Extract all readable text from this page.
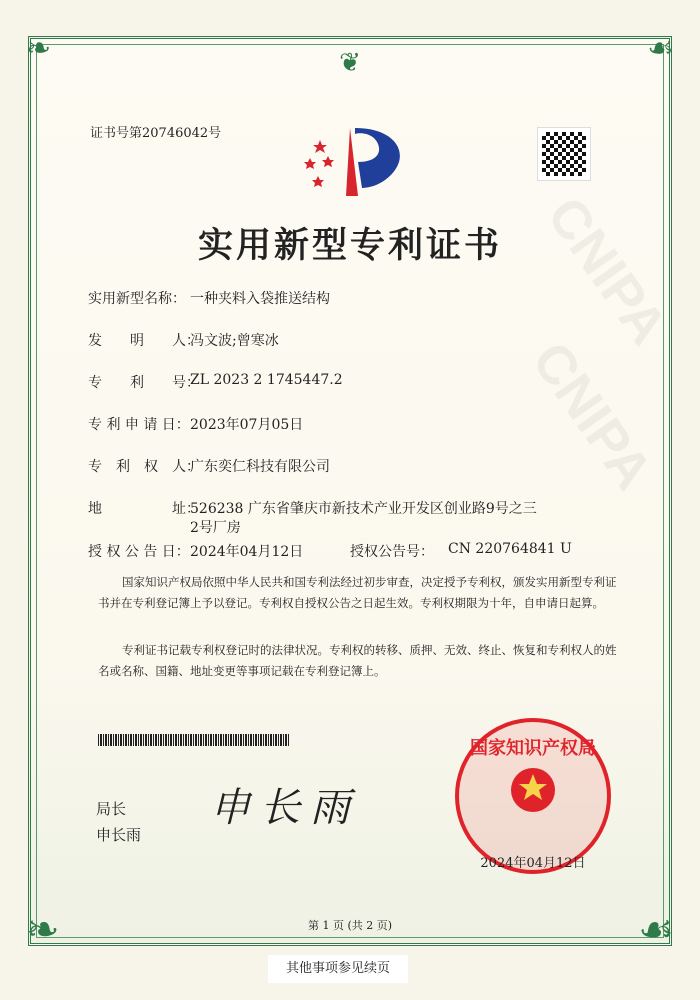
❦
❧	☙
❧	☙
CNIPA
CNIPA
证书号第20746042号
实用新型专利证书
实用新型名称： 一种夹料入袋推送结构
发　　明　　人：
冯文波;曾寒冰
专　　利　　号：
ZL 2023 2 1745447.2
专 利 申 请 日： 2023年07月05日
专　利　权　人：
广东奕仁科技有限公司
地　　　　　址：
526238 广东省肇庆市新技术产业开发区创业路9号之三
2号厂房
授 权 公 告 日： 2024年04月12日	授权公告号： CN 220764841 U
国家知识产权局依照中华人民共和国专利法经过初步审查，决定授予专利权，颁发实用新型专利证书并在专利登记簿上予以登记。专利权自授权公告之日起生效。专利权期限为十年，自申请日起算。
专利证书记载专利权登记时的法律状况。专利权的转移、质押、无效、终止、恢复和专利权人的姓名或名称、国籍、地址变更等事项记载在专利登记簿上。
局长
申长雨
申长雨
国家知识产权局
2024年04月12日
第 1 页 (共 2 页)
其他事项参见续页
